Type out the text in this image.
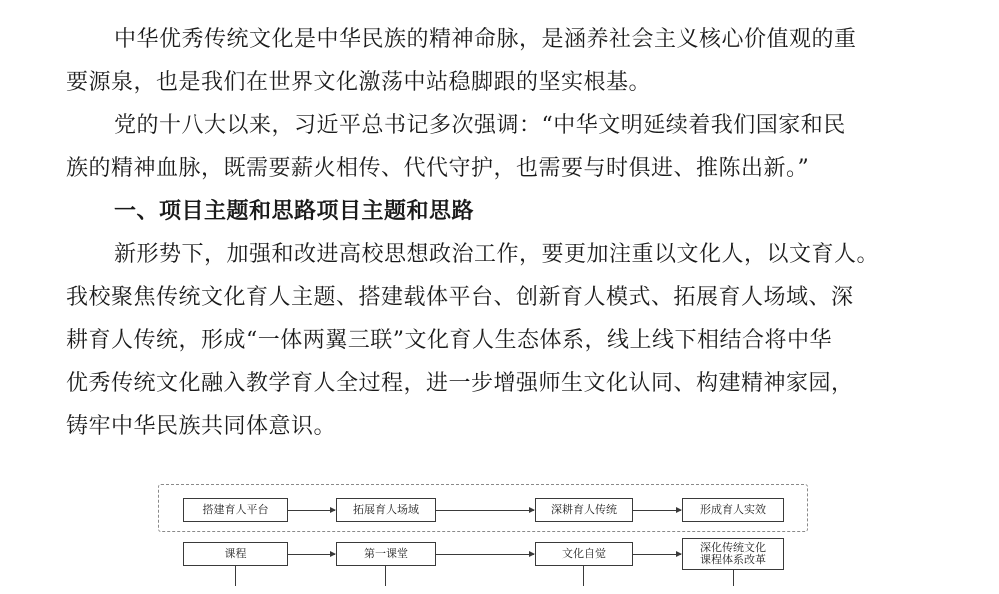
中华优秀传统文化是中华民族的精神命脉，是涵养社会主义核心价值观的重
要源泉，也是我们在世界文化激荡中站稳脚跟的坚实根基。

党的十八大以来，习近平总书记多次强调：“中华文明延续着我们国家和民
族的精神血脉，既需要薪火相传、代代守护，也需要与时俱进、推陈出新。”

一、项目主题和思路项目主题和思路

新形势下，加强和改进高校思想政治工作，要更加注重以文化人，以文育人。
我校聚焦传统文化育人主题、搭建载体平台、创新育人模式、拓展育人场域、深
耕育人传统，形成“一体两翼三联”文化育人生态体系，线上线下相结合将中华
优秀传统文化融入教学育人全过程，进一步增强师生文化认同、构建精神家园，
铸牢中华民族共同体意识。

搭建育人平台	拓展育人场域	深耕育人传统	形成育人实效
课程	第一课堂	文化自觉	深化传统文化
课程体系改革
